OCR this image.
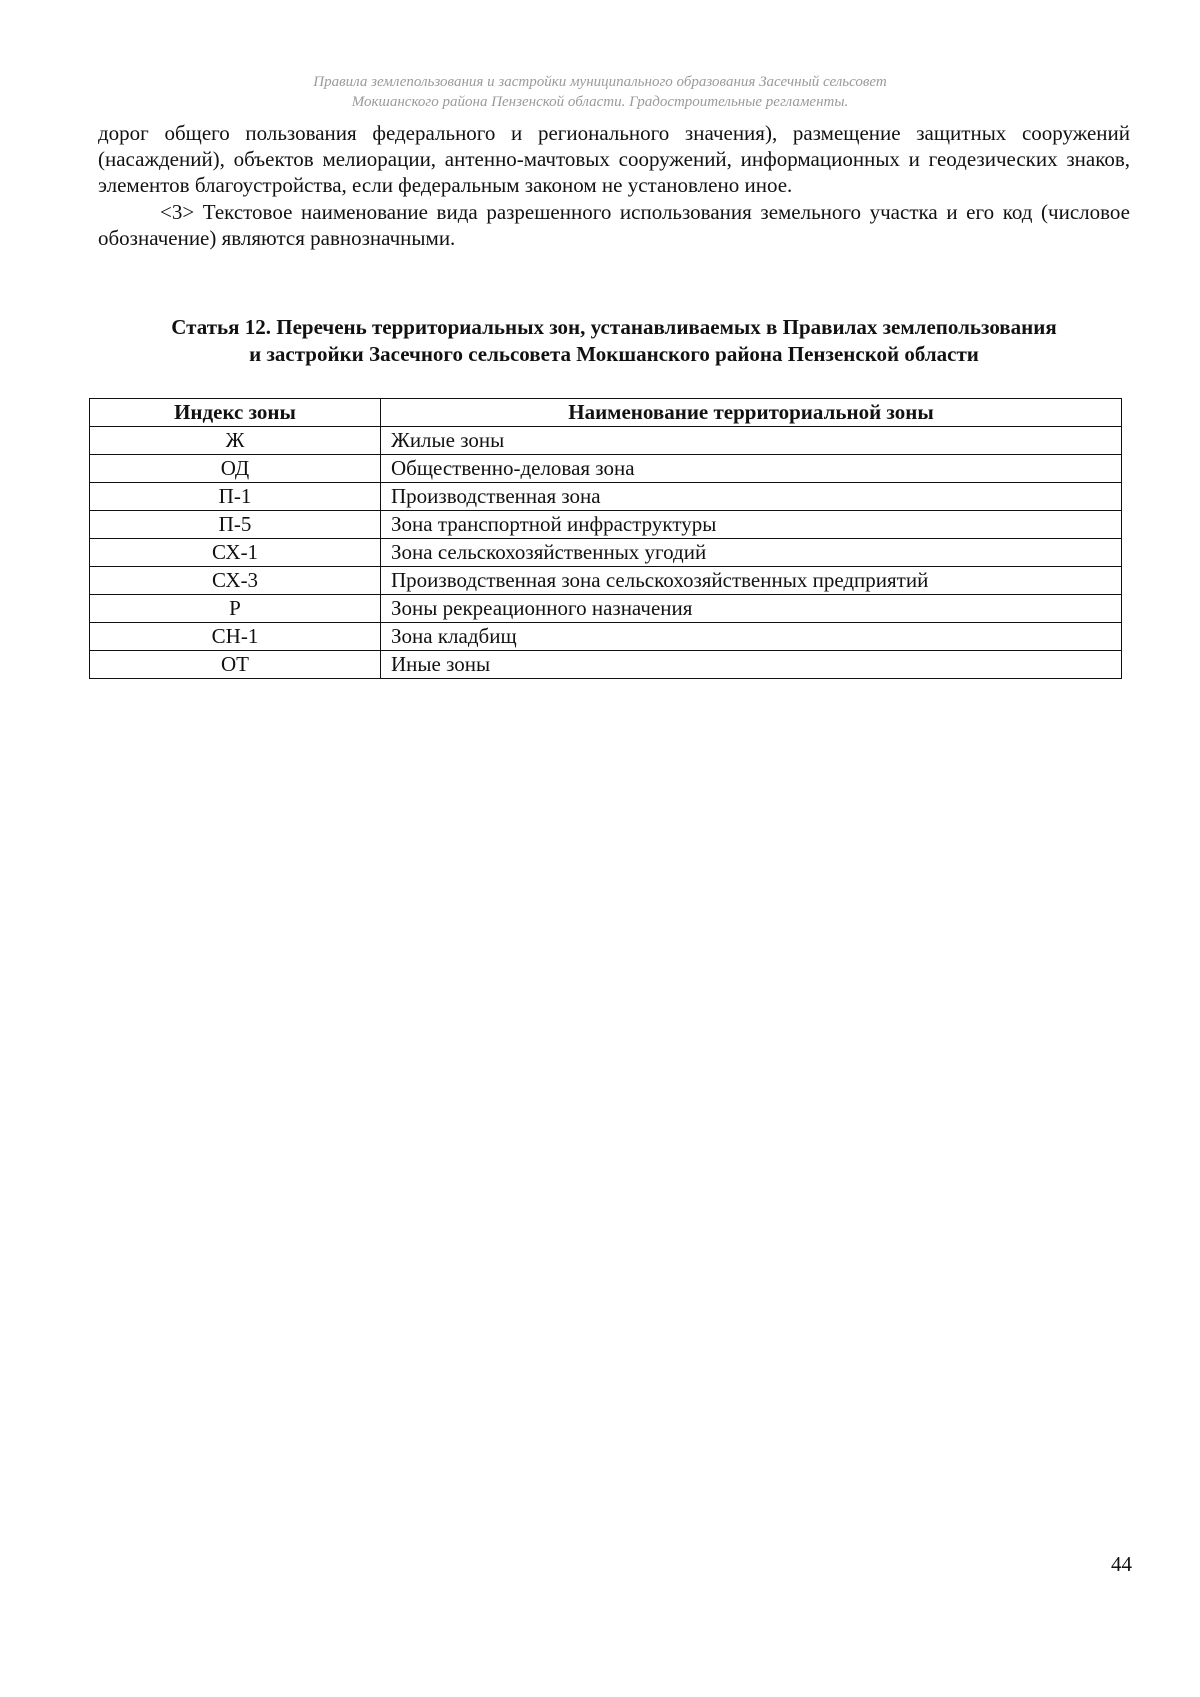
Правила землепользования и застройки муниципального образования Засечный сельсовет
Мокшанского района Пензенской области. Градостроительные регламенты.

дорог общего пользования федерального и регионального значения), размещение защитных сооружений (насаждений), объектов мелиорации, антенно-мачтовых сооружений, информационных и геодезических знаков, элементов благоустройства, если федеральным законом не установлено иное.

<3> Текстовое наименование вида разрешенного использования земельного участка и его код (числовое обозначение) являются равнозначными.

Статья 12. Перечень территориальных зон, устанавливаемых в Правилах землепользования
и застройки Засечного сельсовета Мокшанского района Пензенской области
Индекс зоны	Наименование территориальной зоны
Ж	Жилые зоны
ОД	Общественно-деловая зона
П-1	Производственная зона
П-5	Зона транспортной инфраструктуры
СХ-1	Зона сельскохозяйственных угодий
СХ-3	Производственная зона сельскохозяйственных предприятий
Р	Зоны рекреационного назначения
СН-1	Зона кладбищ
ОТ	Иные зоны
44
